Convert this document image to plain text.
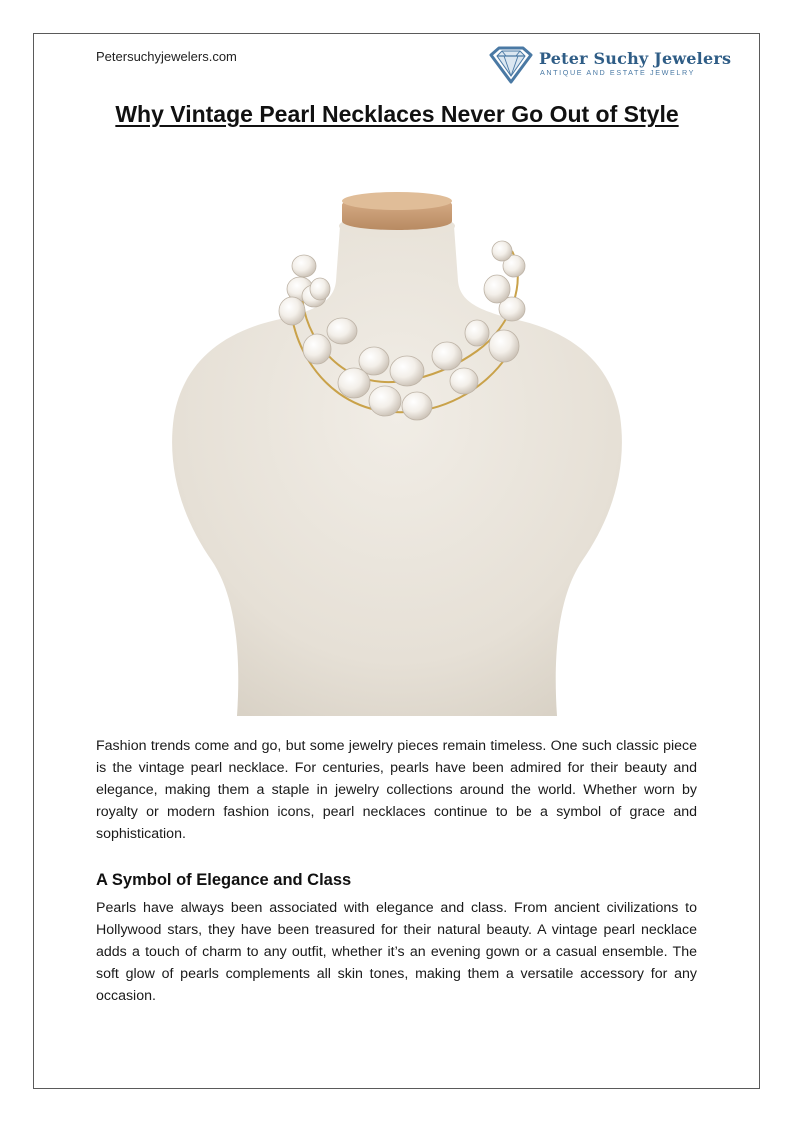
Petersuchyjewelers.com	Peter Suchy Jewelers
ANTIQUE AND ESTATE JEWELRY
Why Vintage Pearl Necklaces Never Go Out of Style

Fashion trends come and go, but some jewelry pieces remain timeless. One such classic piece is the vintage pearl necklace. For centuries, pearls have been admired for their beauty and elegance, making them a staple in jewelry collections around the world. Whether worn by royalty or modern fashion icons, pearl necklaces continue to be a symbol of grace and sophistication.

A Symbol of Elegance and Class

Pearls have always been associated with elegance and class. From ancient civilizations to Hollywood stars, they have been treasured for their natural beauty. A vintage pearl necklace adds a touch of charm to any outfit, whether it’s an evening gown or a casual ensemble. The soft glow of pearls complements all skin tones, making them a versatile accessory for any occasion.
